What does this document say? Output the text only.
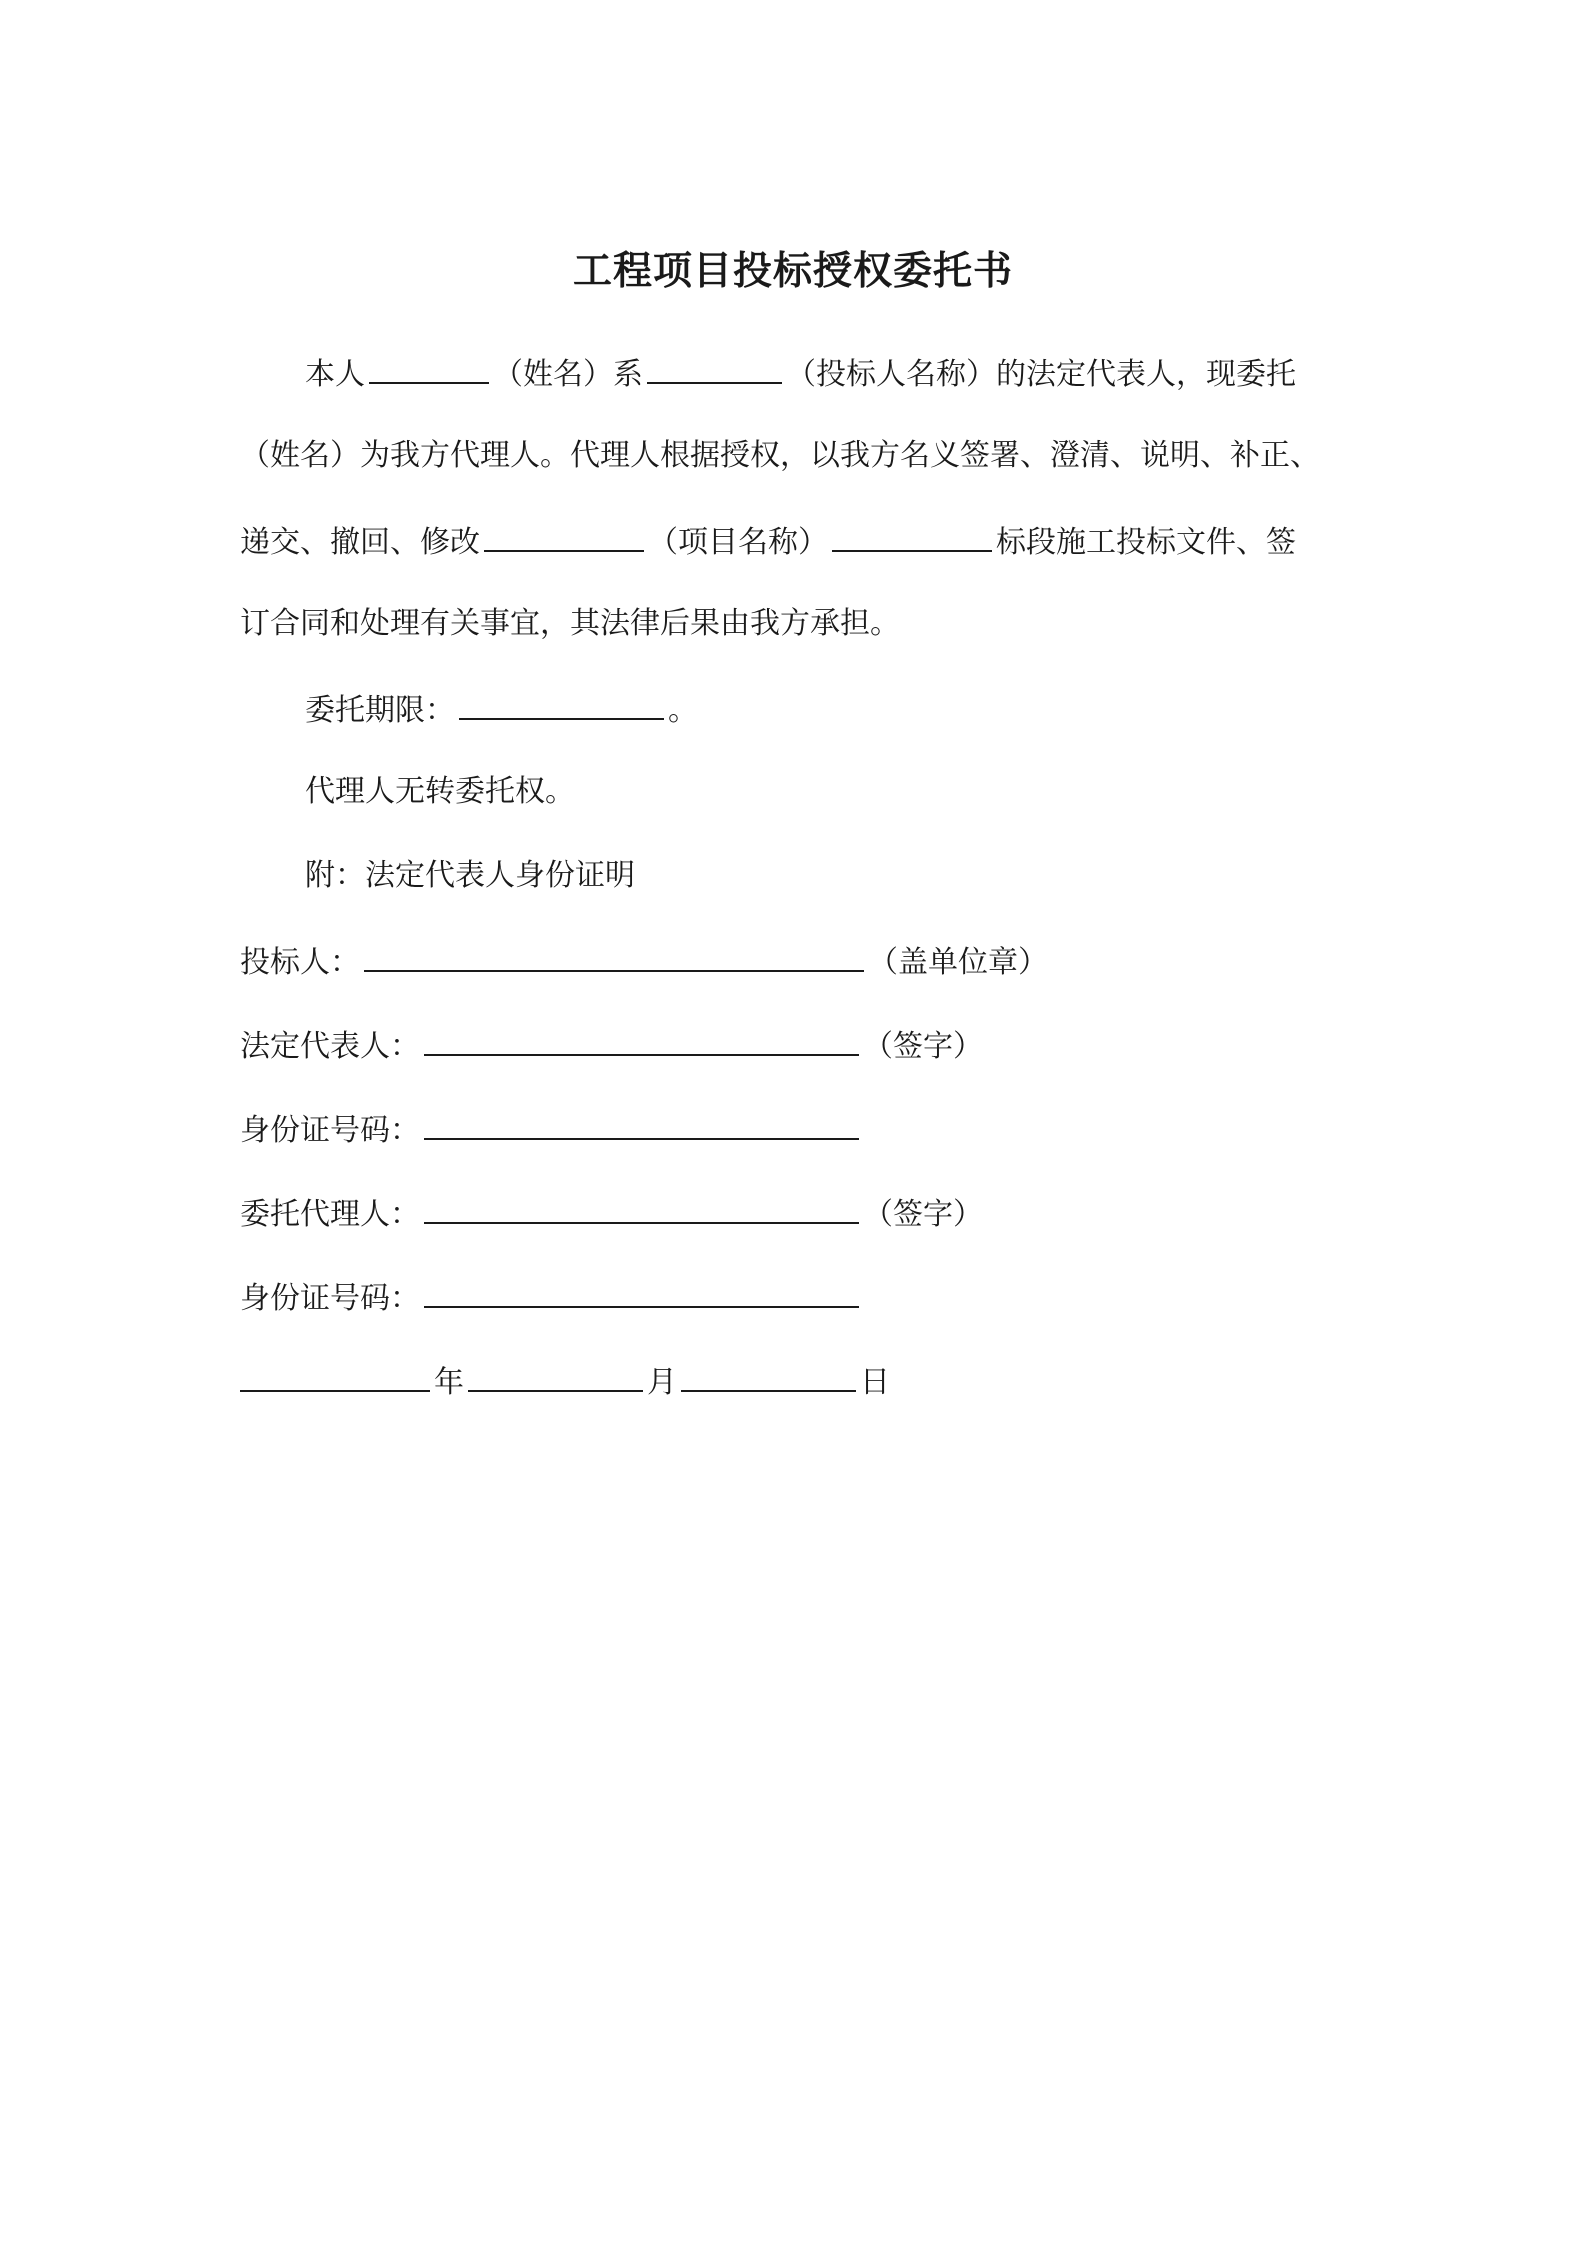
工程项目投标授权委托书
本人	（姓名）系	（投标人名称）的法定代表人，现委托
（姓名）为我方代理人。代理人根据授权，以我方名义签署、澄清、说明、补正、
递交、撤回、修改	（项目名称）	标段施工投标文件、签
订合同和处理有关事宜，其法律后果由我方承担。
委托期限：	。
代理人无转委托权。
附：法定代表人身份证明
投标人：	（盖单位章）
法定代表人：	（签字）
身份证号码：
委托代理人：	（签字）
身份证号码：
年	月	日
